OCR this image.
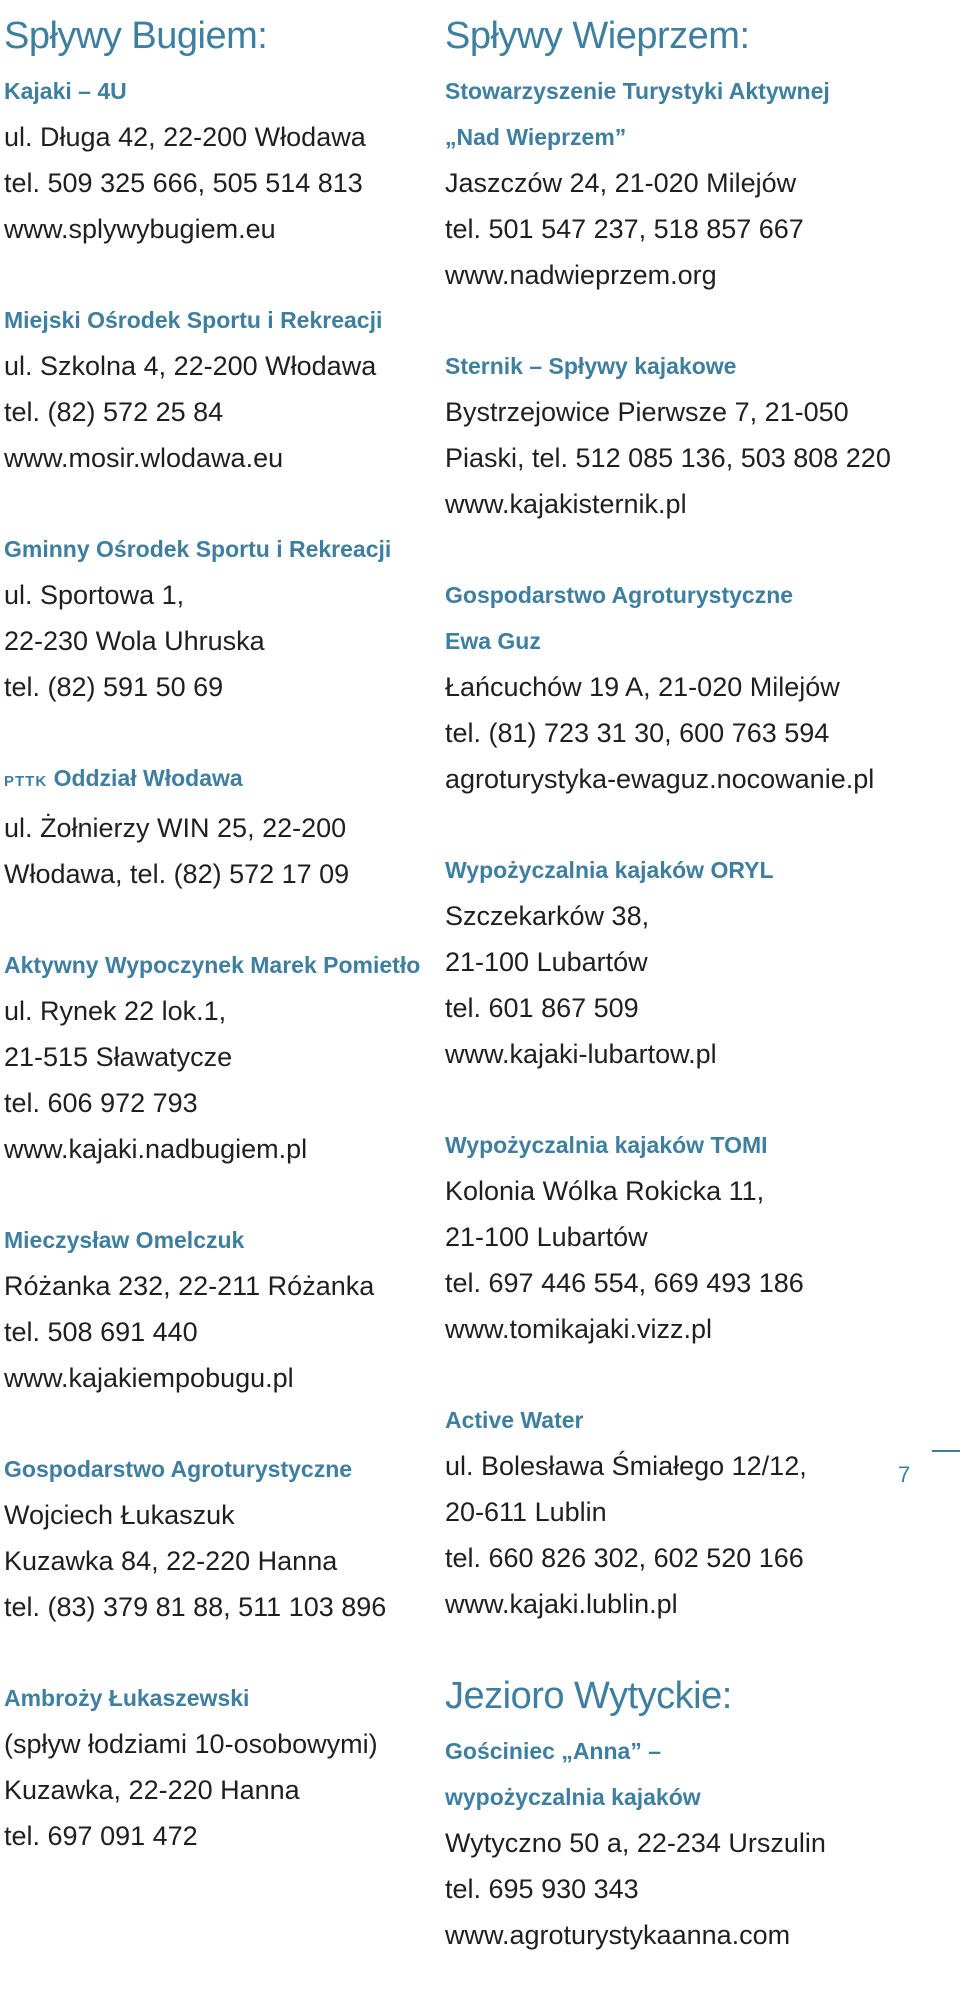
Spływy Bugiem:
Kajaki – 4U
ul. Długa 42, 22-200 Włodawa
tel. 509 325 666, 505 514 813
www.splywybugiem.eu
Miejski Ośrodek Sportu i Rekreacji
ul. Szkolna 4, 22-200 Włodawa
tel. (82) 572 25 84
www.mosir.wlodawa.eu
Gminny Ośrodek Sportu i Rekreacji
ul. Sportowa 1,
22-230 Wola Uhruska
tel. (82) 591 50 69
PTTK Oddział Włodawa
ul. Żołnierzy WIN 25, 22-200
Włodawa, tel. (82) 572 17 09
Aktywny Wypoczynek Marek Pomietło
ul. Rynek 22 lok.1,
21-515 Sławatycze
tel. 606 972 793
www.kajaki.nadbugiem.pl
Mieczysław Omelczuk
Różanka 232, 22-211 Różanka
tel. 508 691 440
www.kajakiempobugu.pl
Gospodarstwo Agroturystyczne
Wojciech Łukaszuk
Kuzawka 84, 22-220 Hanna
tel. (83) 379 81 88, 511 103 896
Ambroży Łukaszewski
(spływ łodziami 10-osobowymi)
Kuzawka, 22-220 Hanna
tel. 697 091 472
Spływy Wieprzem:
Stowarzyszenie Turystyki Aktywnej
„Nad Wieprzem”
Jaszczów 24, 21-020 Milejów
tel. 501 547 237, 518 857 667
www.nadwieprzem.org
Sternik – Spływy kajakowe
Bystrzejowice Pierwsze 7, 21-050
Piaski, tel. 512 085 136, 503 808 220
www.kajakisternik.pl
Gospodarstwo Agroturystyczne
Ewa Guz
Łańcuchów 19 A, 21-020 Milejów
tel. (81) 723 31 30, 600 763 594
agroturystyka-ewaguz.nocowanie.pl
Wypożyczalnia kajaków ORYL
Szczekarków 38,
21-100 Lubartów
tel. 601 867 509
www.kajaki-lubartow.pl
Wypożyczalnia kajaków TOMI
Kolonia Wólka Rokicka 11,
21-100 Lubartów
tel. 697 446 554, 669 493 186
www.tomikajaki.vizz.pl
Active Water
ul. Bolesława Śmiałego 12/12,
20-611 Lublin
tel. 660 826 302, 602 520 166
www.kajaki.lublin.pl
Jezioro Wytyckie:
Gościniec „Anna” –
wypożyczalnia kajaków
Wytyczno 50 a, 22-234 Urszulin
tel. 695 930 343
www.agroturystykaanna.com
7
